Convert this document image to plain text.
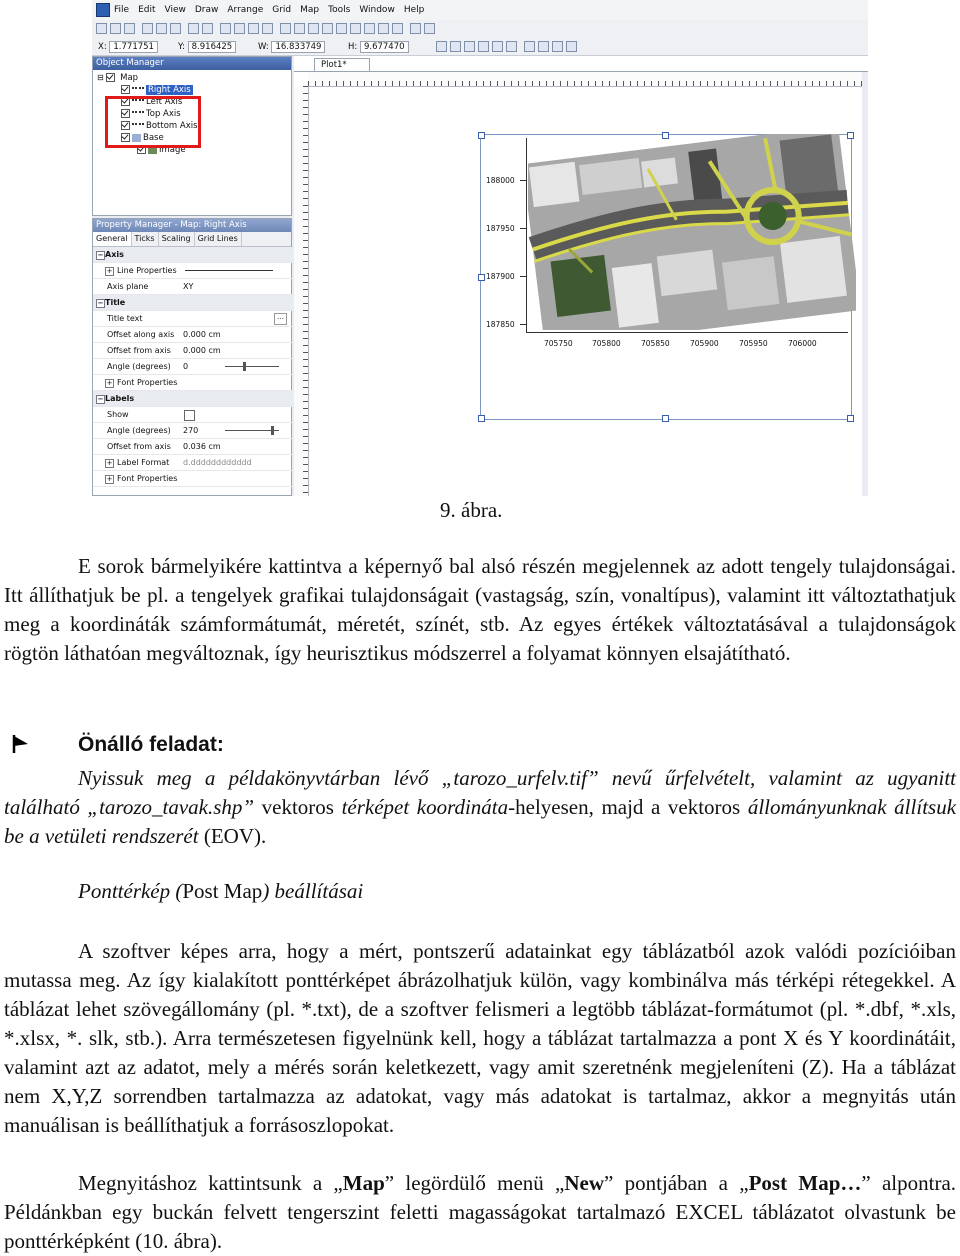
File Edit View Draw Arrange Grid Map Tools Window Help
X: 1.771751	Y: 8.916425	W: 16.833749	H: 9.677470
Object Manager
⊟ Map
Right Axis
Left Axis
Top Axis
Bottom Axis
Base
Image
Property Manager - Map: Right Axis
General Ticks Scaling Grid Lines
− Axis
+ Line Properties
Axis plane	XY
− Title
Title text	…
Offset along axis 0.000 cm
Offset from axis 0.000 cm
Angle (degrees) 0
+ Font Properties
− Labels
Show
Angle (degrees) 270
Offset from axis 0.036 cm
+ Label Format d.dddddddddddd
+ Font Properties
Plot1*
188000
187950
187900
187850
705750	705800	705850	705900	705950	706000
9. ábra.

E sorok bármelyikére kattintva a képernyő bal alsó részén megjelennek az adott tengely tulajdonságai. Itt állíthatjuk be pl. a tengelyek grafikai tulajdonságait (vastagság, szín, vonaltípus), valamint itt változtathatjuk meg a koordináták számformátumát, méretét, színét, stb. Az egyes értékek változtatásával a tulajdonságok rögtön láthatóan megváltoznak, így heurisztikus módszerrel a folyamat könnyen elsajátítható.

Önálló feladat:

Nyissuk meg a példakönyvtárban lévő „tarozo_urfelv.tif” nevű űrfelvételt, valamint az ugyanitt található „tarozo_tavak.shp” vektoros térképet koordináta-helyesen, majd a vektoros állományunknak állítsuk be a vetületi rendszerét (EOV).

Ponttérkép (Post Map) beállításai

A szoftver képes arra, hogy a mért, pontszerű adatainkat egy táblázatból azok valódi pozícióiban mutassa meg. Az így kialakított ponttérképet ábrázolhatjuk külön, vagy kombinálva más térképi rétegekkel. A táblázat lehet szövegállomány (pl. *.txt), de a szoftver felismeri a legtöbb táblázat-formátumot (pl. *.dbf, *.xls, *.xlsx, *. slk, stb.). Arra természetesen figyelnünk kell, hogy a táblázat tartalmazza a pont X és Y koordinátáit, valamint azt az adatot, mely a mérés során keletkezett, vagy amit szeretnénk megjeleníteni (Z). Ha a táblázat nem X,Y,Z sorrendben tartalmazza az adatokat, vagy más adatokat is tartalmaz, akkor a megnyitás után manuálisan is beállíthatjuk a forrásoszlopokat.

Megnyitáshoz kattintsunk a „Map” legördülő menü „New” pontjában a „Post Map…” alpontra. Példánkban egy buckán felvett tengerszint feletti magasságokat tartalmazó EXCEL táblázatot olvastunk be ponttérképként (10. ábra).
